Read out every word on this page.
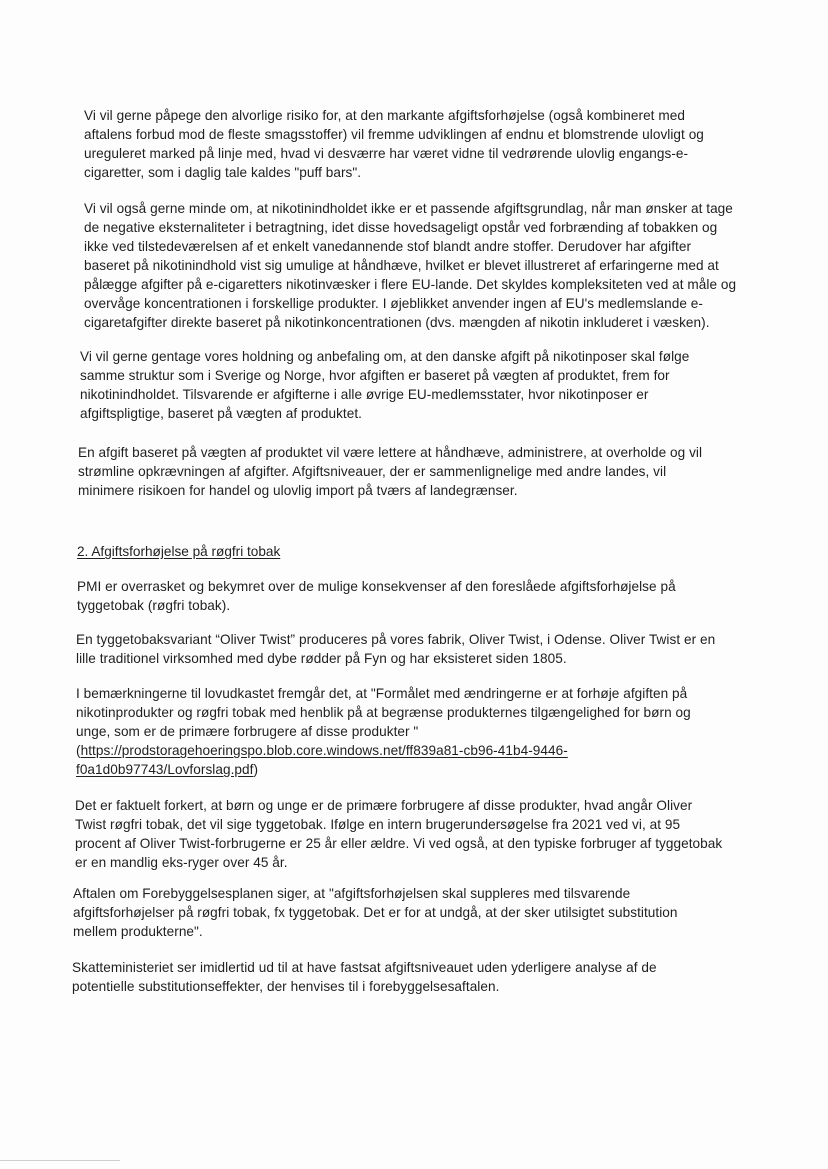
Vi vil gerne påpege den alvorlige risiko for, at den markante afgiftsforhøjelse (også kombineret med
aftalens forbud mod de fleste smagsstoffer) vil fremme udviklingen af endnu et blomstrende ulovligt og
ureguleret marked på linje med, hvad vi desværre har været vidne til vedrørende ulovlig engangs-e-
cigaretter, som i daglig tale kaldes "puff bars".

Vi vil også gerne minde om, at nikotinindholdet ikke er et passende afgiftsgrundlag, når man ønsker at tage
de negative eksternaliteter i betragtning, idet disse hovedsageligt opstår ved forbrænding af tobakken og
ikke ved tilstedeværelsen af et enkelt vanedannende stof blandt andre stoffer. Derudover har afgifter
baseret på nikotinindhold vist sig umulige at håndhæve, hvilket er blevet illustreret af erfaringerne med at
pålægge afgifter på e-cigaretters nikotinvæsker i flere EU-lande. Det skyldes kompleksiteten ved at måle og
overvåge koncentrationen i forskellige produkter. I øjeblikket anvender ingen af EU's medlemslande e-
cigaretafgifter direkte baseret på nikotinkoncentrationen (dvs. mængden af nikotin inkluderet i væsken).

Vi vil gerne gentage vores holdning og anbefaling om, at den danske afgift på nikotinposer skal følge
samme struktur som i Sverige og Norge, hvor afgiften er baseret på vægten af produktet, frem for
nikotinindholdet. Tilsvarende er afgifterne i alle øvrige EU-medlemsstater, hvor nikotinposer er
afgiftspligtige, baseret på vægten af produktet.

En afgift baseret på vægten af produktet vil være lettere at håndhæve, administrere, at overholde og vil
strømline opkrævningen af afgifter. Afgiftsniveauer, der er sammenlignelige med andre landes, vil
minimere risikoen for handel og ulovlig import på tværs af landegrænser.

2. Afgiftsforhøjelse på røgfri tobak

PMI er overrasket og bekymret over de mulige konsekvenser af den foreslåede afgiftsforhøjelse på
tyggetobak (røgfri tobak).

En tyggetobaksvariant “Oliver Twist” produceres på vores fabrik, Oliver Twist, i Odense. Oliver Twist er en
lille traditionel virksomhed med dybe rødder på Fyn og har eksisteret siden 1805.

I bemærkningerne til lovudkastet fremgår det, at "Formålet med ændringerne er at forhøje afgiften på
nikotinprodukter og røgfri tobak med henblik på at begrænse produkternes tilgængelighed for børn og
unge, som er de primære forbrugere af disse produkter "
(https://prodstoragehoeringspo.blob.core.windows.net/ff839a81-cb96-41b4-9446-
f0a1d0b97743/Lovforslag.pdf)

Det er faktuelt forkert, at børn og unge er de primære forbrugere af disse produkter, hvad angår Oliver
Twist røgfri tobak, det vil sige tyggetobak. Ifølge en intern brugerundersøgelse fra 2021 ved vi, at 95
procent af Oliver Twist-forbrugerne er 25 år eller ældre. Vi ved også, at den typiske forbruger af tyggetobak
er en mandlig eks-ryger over 45 år.

Aftalen om Forebyggelsesplanen siger, at "afgiftsforhøjelsen skal suppleres med tilsvarende
afgiftsforhøjelser på røgfri tobak, fx tyggetobak. Det er for at undgå, at der sker utilsigtet substitution
mellem produkterne".

Skatteministeriet ser imidlertid ud til at have fastsat afgiftsniveauet uden yderligere analyse af de
potentielle substitutionseffekter, der henvises til i forebyggelsesaftalen.
